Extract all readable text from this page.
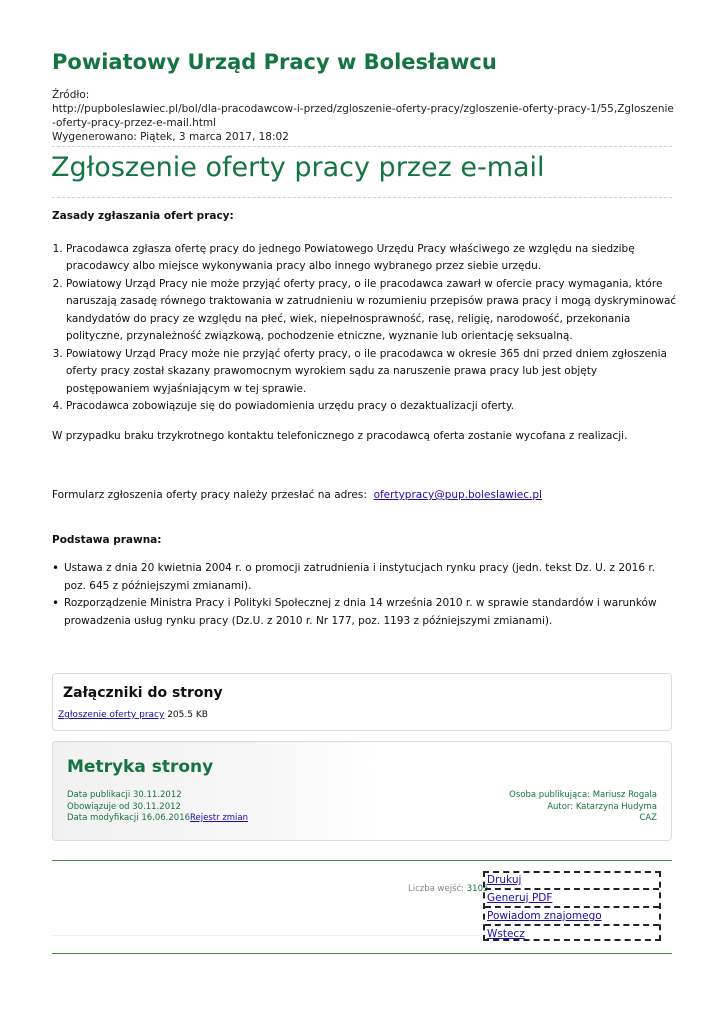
Powiatowy Urząd Pracy w Bolesławcu
Źródło:
http://pupboleslawiec.pl/bol/dla-pracodawcow-i-przed/zgloszenie-oferty-pracy/zgloszenie-oferty-pracy-1/55,Zgloszenie-oferty-pracy-przez-e-mail.html
Wygenerowano: Piątek, 3 marca 2017, 18:02
Zgłoszenie oferty pracy przez e-mail

Zasady zgłaszania ofert pracy:

1. Pracodawca zgłasza ofertę pracy do jednego Powiatowego Urzędu Pracy właściwego ze względu na siedzibę pracodawcy albo miejsce wykonywania pracy albo innego wybranego przez siebie urzędu.
2. Powiatowy Urząd Pracy nie może przyjąć oferty pracy, o ile pracodawca zawarł w ofercie pracy wymagania, które naruszają zasadę równego traktowania w zatrudnieniu w rozumieniu przepisów prawa pracy i mogą dyskryminować kandydatów do pracy ze względu na płeć, wiek, niepełnosprawność, rasę, religię, narodowość, przekonania polityczne, przynależność związkową, pochodzenie etniczne, wyznanie lub orientację seksualną.
3. Powiatowy Urząd Pracy może nie przyjąć oferty pracy, o ile pracodawca w okresie 365 dni przed dniem zgłoszenia oferty pracy został skazany prawomocnym wyrokiem sądu za naruszenie prawa pracy lub jest objęty postępowaniem wyjaśniającym w tej sprawie.
4. Pracodawca zobowiązuje się do powiadomienia urzędu pracy o dezaktualizacji oferty.

W przypadku braku trzykrotnego kontaktu telefonicznego z pracodawcą oferta zostanie wycofana z realizacji.

Formularz zgłoszenia oferty pracy należy przesłać na adres: ofertypracy@pup.boleslawiec.pl

Podstawa prawna:

• Ustawa z dnia 20 kwietnia 2004 r. o promocji zatrudnienia i instytucjach rynku pracy (jedn. tekst Dz. U. z 2016 r. poz. 645 z późniejszymi zmianami).
• Rozporządzenie Ministra Pracy i Polityki Społecznej z dnia 14 września 2010 r. w sprawie standardów i warunków prowadzenia usług rynku pracy (Dz.U. z 2010 r. Nr 177, poz. 1193 z późniejszymi zmianami).
Załączniki do strony
Zgłoszenie oferty pracy 205.5 KB
Metryka strony
Data publikacji 30.11.2012
Obowiązuje od 30.11.2012
Data modyfikacji 16.06.2016Rejestr zmian
Osoba publikująca: Mariusz Rogala
Autor: Katarzyna Hudyma
CAZ
Liczba wejść: 3105
Drukuj
Generuj PDF
Powiadom znajomego
Wstecz
